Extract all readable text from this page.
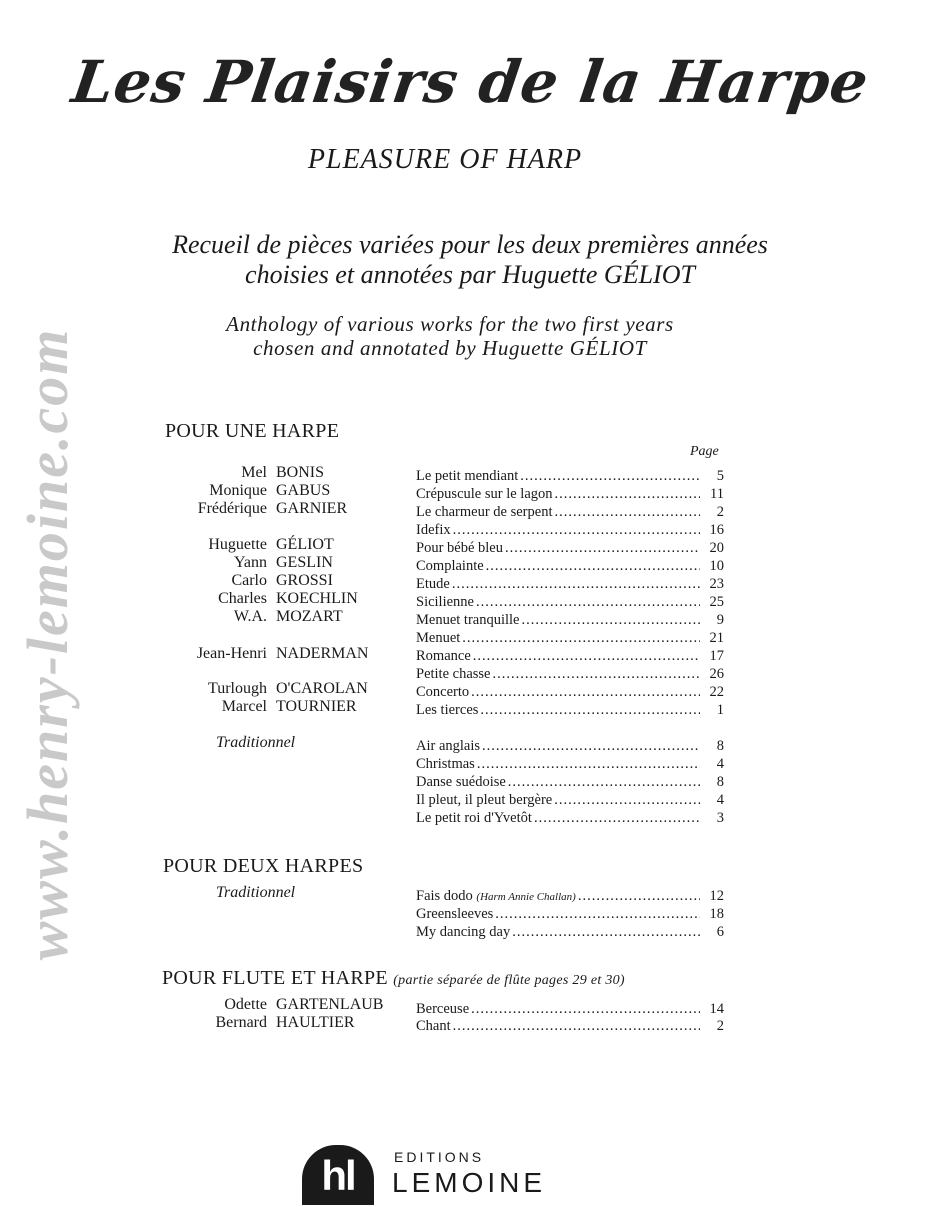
www.henry-lemoine.com
Les Plaisirs de la Harpe
PLEASURE OF HARP
Recueil de pièces variées pour les deux premières années
choisies et annotées par Huguette GÉLIOT
Anthology of various works for the two first years
chosen and annotated by Huguette GÉLIOT
POUR UNE HARPE
Page
Mel BONIS
Monique GABUS
Frédérique GARNIER
Huguette GÉLIOT
Yann GESLIN
Carlo GROSSI
Charles KOECHLIN
W.A. MOZART
Jean-Henri NADERMAN
Turlough O'CAROLAN
Marcel TOURNIER
Traditionnel
Le petit mendiant .....	5
Crépuscule sur le lagon .....	11
Le charmeur de serpent .....	2
Idefix .....	16
Pour bébé bleu .....	20
Complainte .....	10
Etude .....	23
Sicilienne .....	25
Menuet tranquille .....	9
Menuet .....	21
Romance .....	17
Petite chasse .....	26
Concerto .....	22
Les tierces .....	1
Air anglais .....	8
Christmas .....	4
Danse suédoise .....	8
Il pleut, il pleut bergère .....	4
Le petit roi d'Yvetôt .....	3
POUR DEUX HARPES
Traditionnel	Fais dodo (Harm Annie Challan) .....	12
Greensleeves .....	18
My dancing day .....	6
POUR FLUTE ET HARPE (partie séparée de flûte pages 29 et 30)
Odette GARTENLAUB
Bernard HAULTIER
Berceuse .....	14
Chant .....	2
hl	EDITIONS
LEMOINE
